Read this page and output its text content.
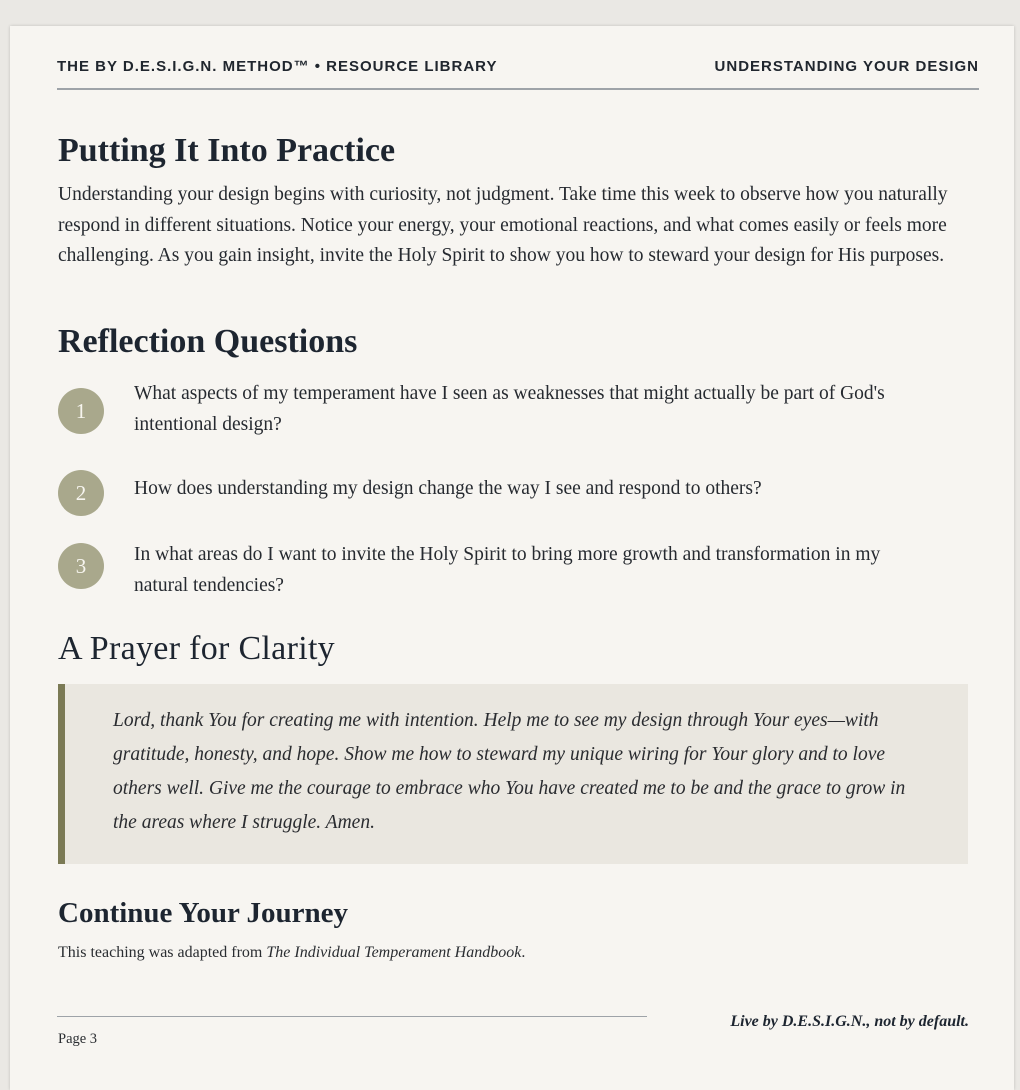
THE BY D.E.S.I.G.N. METHOD™ • RESOURCE LIBRARY	UNDERSTANDING YOUR DESIGN
Putting It Into Practice
Understanding your design begins with curiosity, not judgment. Take time this week to observe how you naturally respond in different situations. Notice your energy, your emotional reactions, and what comes easily or feels more challenging. As you gain insight, invite the Holy Spirit to show you how to steward your design for His purposes.
Reflection Questions
1
What aspects of my temperament have I seen as weaknesses that might actually be part of God's intentional design?
2	How does understanding my design change the way I see and respond to others?
3	In what areas do I want to invite the Holy Spirit to bring more growth and transformation in my natural tendencies?
A Prayer for Clarity
Lord, thank You for creating me with intention. Help me to see my design through Your eyes—with gratitude, honesty, and hope. Show me how to steward my unique wiring for Your glory and to love others well. Give me the courage to embrace who You have created me to be and the grace to grow in the areas where I struggle. Amen.
Continue Your Journey
This teaching was adapted from The Individual Temperament Handbook.
Page 3
Live by D.E.S.I.G.N., not by default.
